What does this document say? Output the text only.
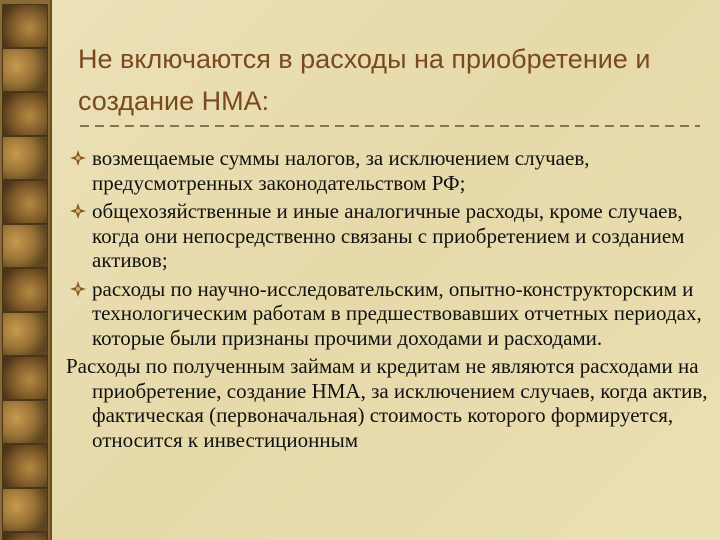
Не включаются в расходы на приобретение и создание НМА:
возмещаемые суммы налогов, за исключением случаев, предусмотренных законодательством РФ;
общехозяйственные и иные аналогичные расходы, кроме случаев, когда они непосредственно связаны с приобретением и созданием активов;
расходы по научно-исследовательским, опытно-конструкторским и технологическим работам в предшествовавших отчетных периодах, которые были признаны прочими доходами и расходами.
Расходы по полученным займам и кредитам не являются расходами на приобретение, создание НМА, за исключением случаев, когда актив, фактическая (первоначальная) стоимость которого формируется, относится к инвестиционным
